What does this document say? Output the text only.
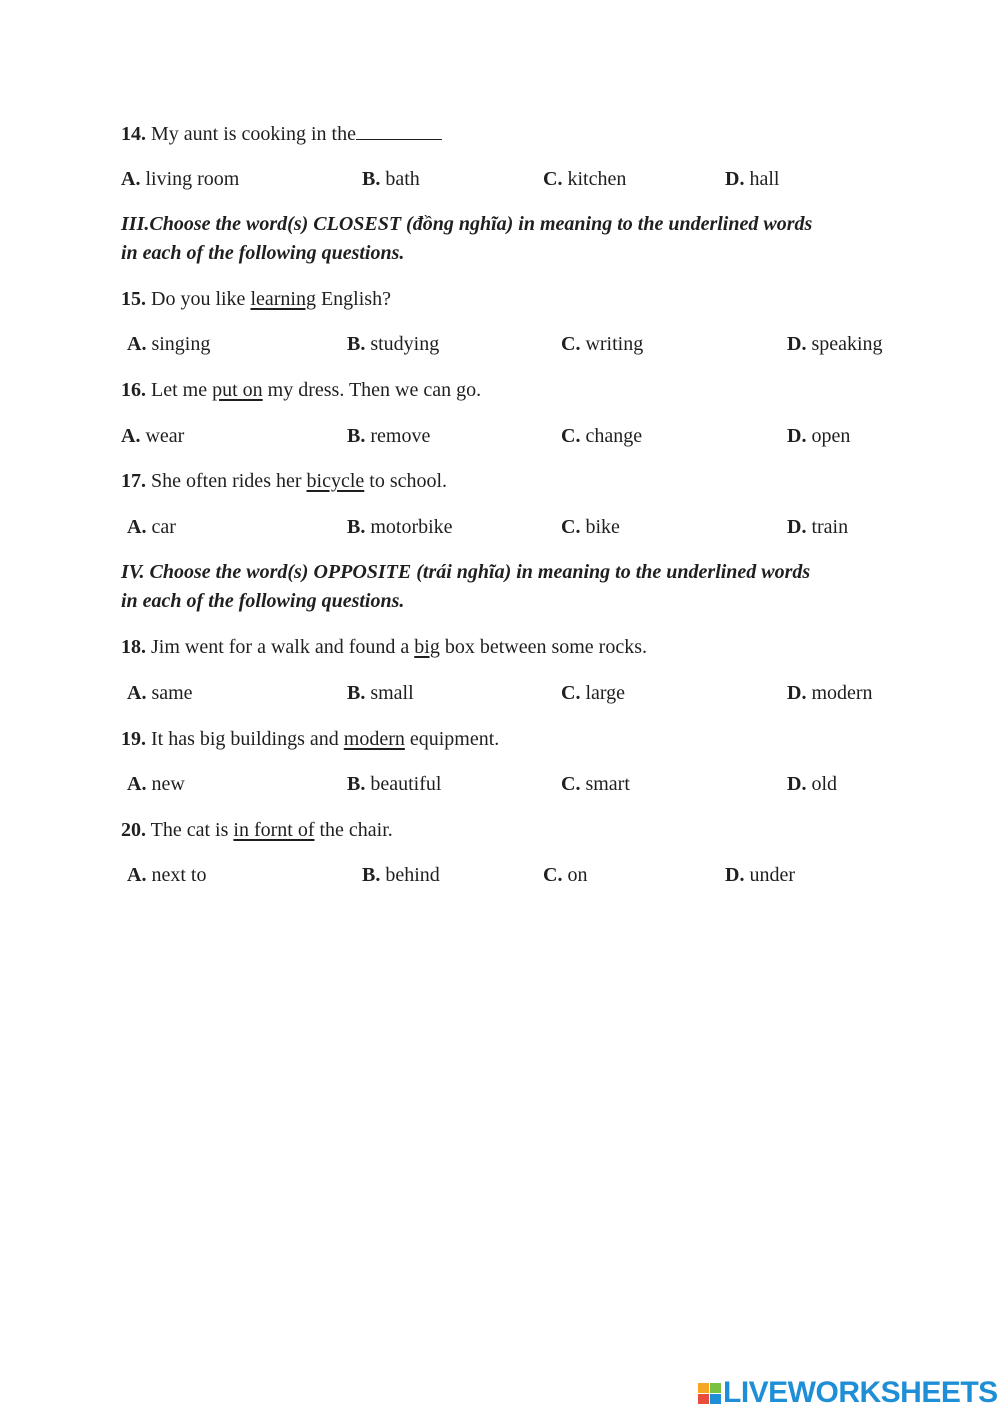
14. My aunt is cooking in the
A. living room	B. bath	C. kitchen	D. hall
III.Choose the word(s) CLOSEST (đồng nghĩa) in meaning to the underlined words
in each of the following questions.
15. Do you like learning English?
A. singing	B. studying	C. writing	D. speaking
16. Let me put on my dress. Then we can go.
A. wear	B. remove	C. change	D. open
17. She often rides her bicycle to school.
A. car	B. motorbike	C. bike	D. train
IV. Choose the word(s) OPPOSITE (trái nghĩa) in meaning to the underlined words
in each of the following questions.
18. Jim went for a walk and found a big box between some rocks.
A. same	B. small	C. large	D. modern
19. It has big buildings and modern equipment.
A. new	B. beautiful	C. smart	D. old
20. The cat is in fornt of the chair.
A. next to	B. behind	C. on	D. under
LIVEWORKSHEETS
